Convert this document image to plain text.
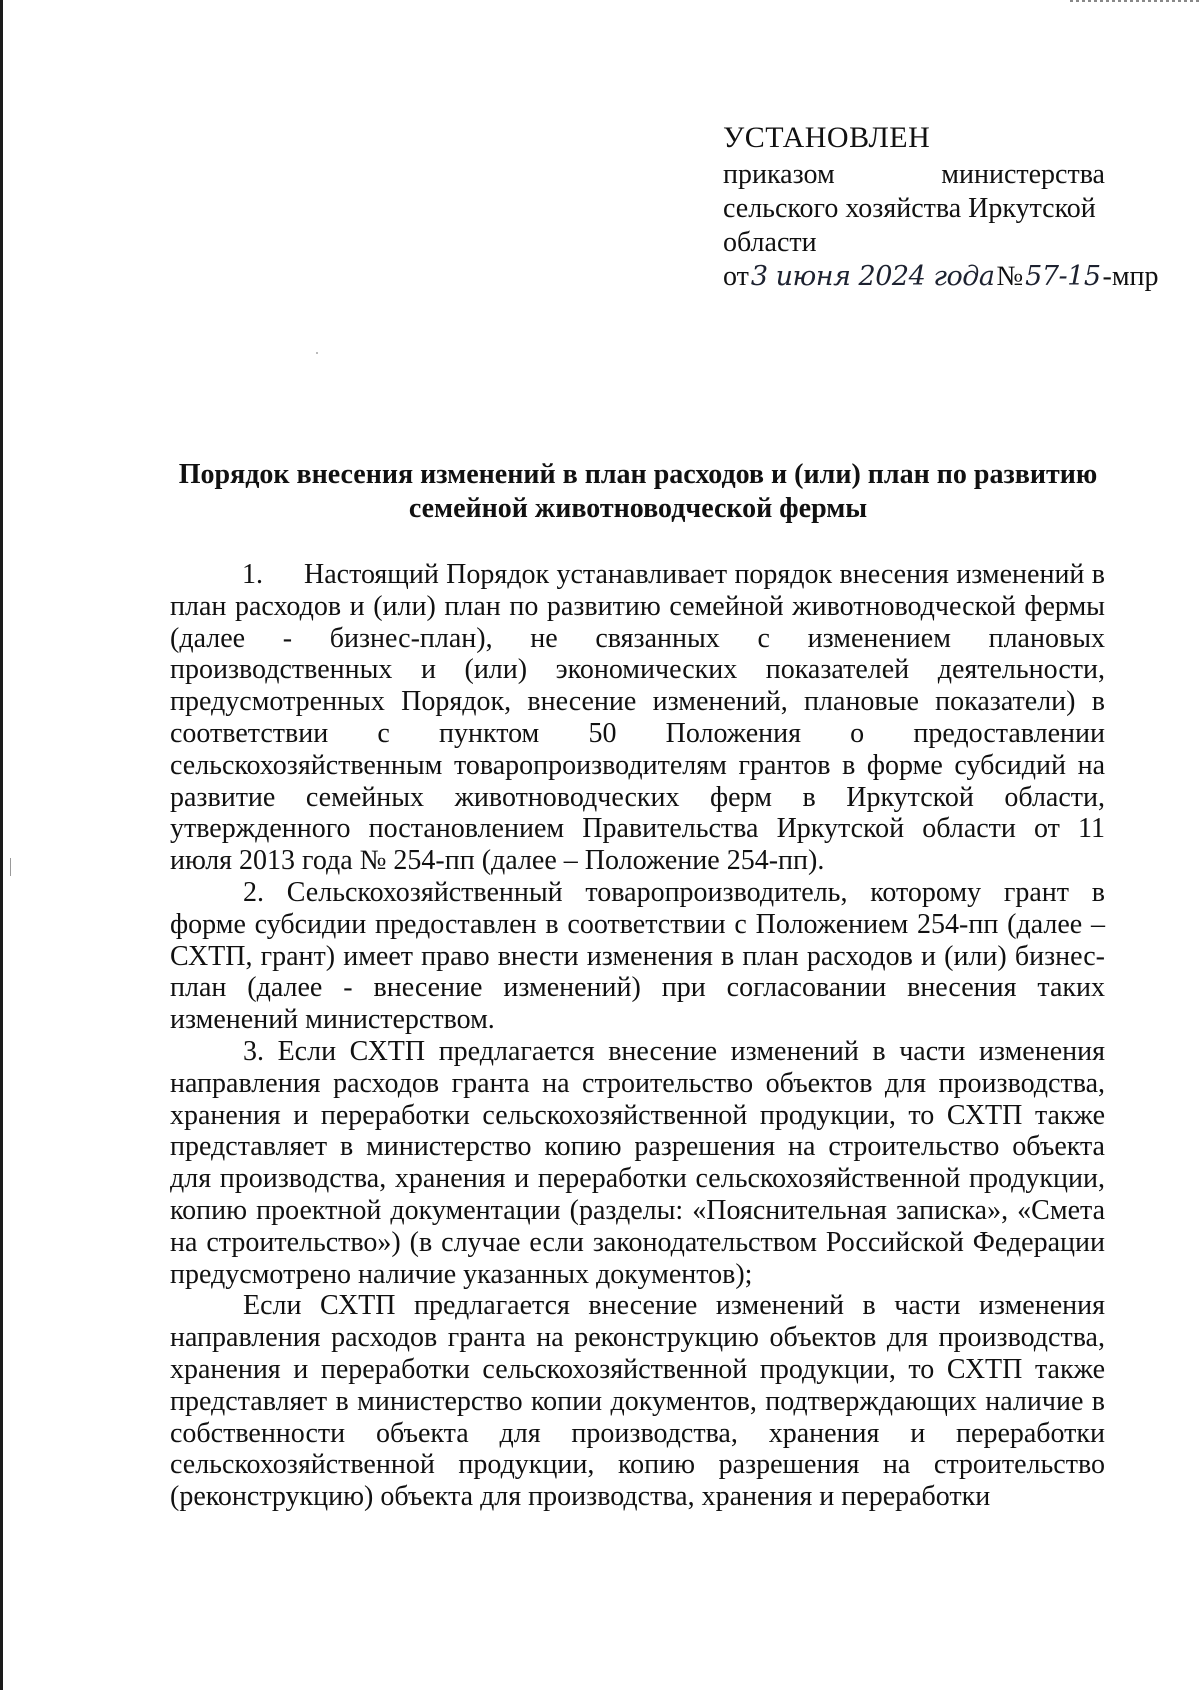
УСТАНОВЛЕН
приказом	министерства
сельского хозяйства Иркутской
области
от 3 июня 2024 года № 57-15 -мпр
Порядок внесения изменений в план расходов и (или) план по развитию
семейной животноводческой фермы

1. Настоящий Порядок устанавливает порядок внесения изменений в план расходов и (или) план по развитию семейной животноводческой фермы (далее - бизнес-план), не связанных с изменением плановых производственных и (или) экономических показателей деятельности, предусмотренных Порядок, внесение изменений, плановые показатели) в соответствии с пунктом 50 Положения о предоставлении сельскохозяйственным товаропроизводителям грантов в форме субсидий на развитие семейных животноводческих ферм в Иркутской области, утвержденного постановлением Правительства Иркутской области от 11 июля 2013 года № 254-пп (далее – Положение 254-пп).

2. Сельскохозяйственный товаропроизводитель, которому грант в форме субсидии предоставлен в соответствии с Положением 254-пп (далее – СХТП, грант) имеет право внести изменения в план расходов и (или) бизнес-план (далее - внесение изменений) при согласовании внесения таких изменений министерством.

3. Если СХТП предлагается внесение изменений в части изменения направления расходов гранта на строительство объектов для производства, хранения и переработки сельскохозяйственной продукции, то СХТП также представляет в министерство копию разрешения на строительство объекта для производства, хранения и переработки сельскохозяйственной продукции, копию проектной документации (разделы: «Пояснительная записка», «Смета на строительство») (в случае если законодательством Российской Федерации предусмотрено наличие указанных документов);

Если СХТП предлагается внесение изменений в части изменения направления расходов гранта на реконструкцию объектов для производства, хранения и переработки сельскохозяйственной продукции, то СХТП также представляет в министерство копии документов, подтверждающих наличие в собственности объекта для производства, хранения и переработки сельскохозяйственной продукции, копию разрешения на строительство (реконструкцию) объекта для производства, хранения и переработки
